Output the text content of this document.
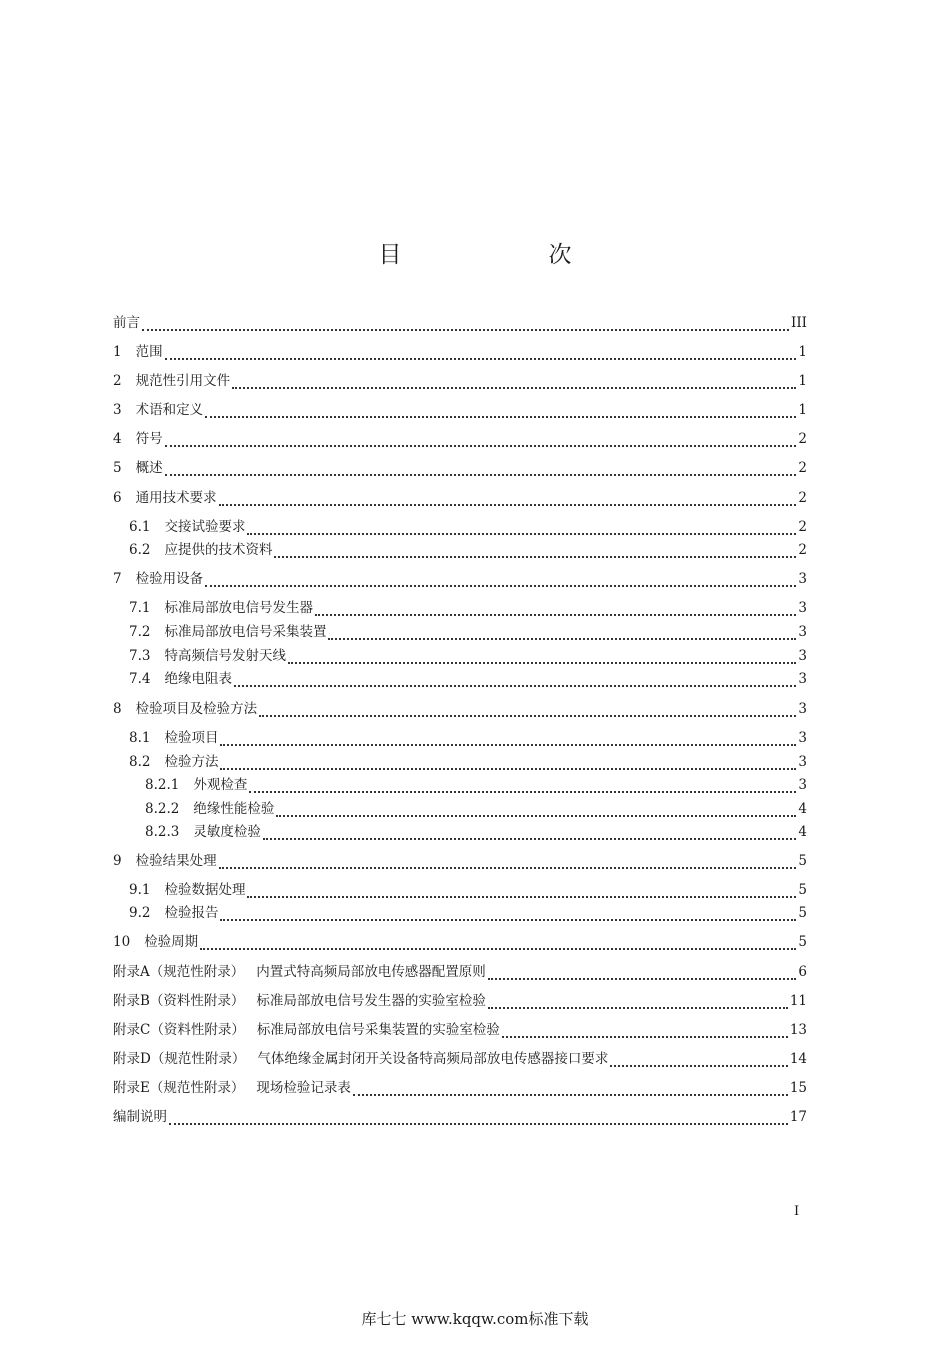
目　次
前言	III
1 范围	1
2 规范性引用文件	1
3 术语和定义	1
4 符号	2
5 概述	2
6 通用技术要求	2
6.1 交接试验要求	2
6.2 应提供的技术资料	2
7 检验用设备	3
7.1 标准局部放电信号发生器	3
7.2 标准局部放电信号采集装置	3
7.3 特高频信号发射天线	3
7.4 绝缘电阻表	3
8 检验项目及检验方法	3
8.1 检验项目	3
8.2 检验方法	3
8.2.1 外观检查	3
8.2.2 绝缘性能检验	4
8.2.3 灵敏度检验	4
9 检验结果处理	5
9.1 检验数据处理	5
9.2 检验报告	5
10 检验周期	5
附录A（规范性附录） 内置式特高频局部放电传感器配置原则	6
附录B（资料性附录） 标准局部放电信号发生器的实验室检验	11
附录C（资料性附录） 标准局部放电信号采集装置的实验室检验	13
附录D（规范性附录） 气体绝缘金属封闭开关设备特高频局部放电传感器接口要求	14
附录E（规范性附录） 现场检验记录表	15
编制说明	17
I
库七七 www.kqqw.com标准下载
